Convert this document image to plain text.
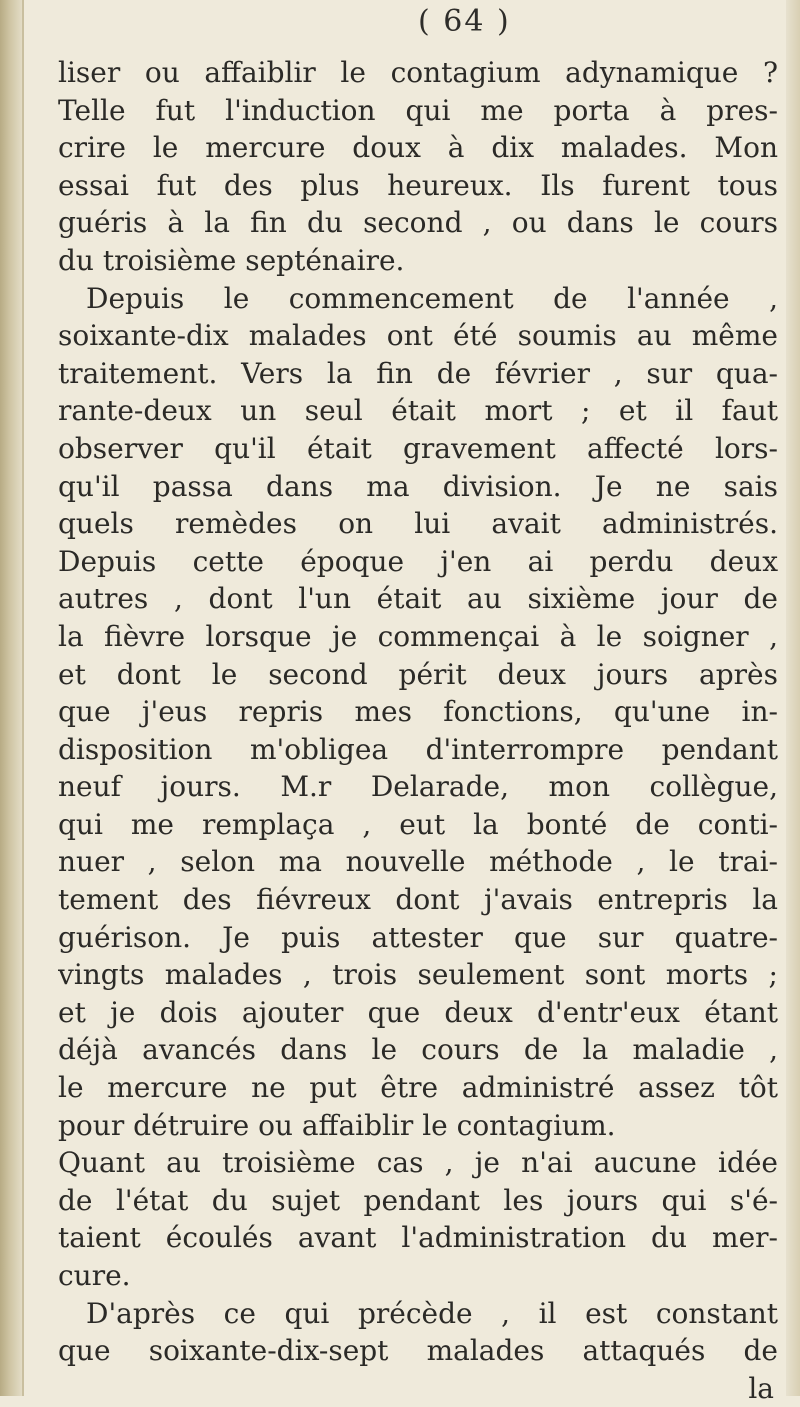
( 64 )
liser ou affaiblir le contagium adynamique ?
Telle fut l'induction qui me porta à pres-
crire le mercure doux à dix malades. Mon
essai fut des plus heureux. Ils furent tous
guéris à la fin du second , ou dans le cours
du troisième septénaire.
Depuis le commencement de l'année ,
soixante-dix malades ont été soumis au même
traitement. Vers la fin de février , sur qua-
rante-deux un seul était mort ; et il faut
observer qu'il était gravement affecté lors-
qu'il passa dans ma division. Je ne sais
quels remèdes on lui avait administrés.
Depuis cette époque j'en ai perdu deux
autres , dont l'un était au sixième jour de
la fièvre lorsque je commençai à le soigner ,
et dont le second périt deux jours après
que j'eus repris mes fonctions, qu'une in-
disposition m'obligea d'interrompre pendant
neuf jours. M.r Delarade, mon collègue,
qui me remplaça , eut la bonté de conti-
nuer , selon ma nouvelle méthode , le trai-
tement des fiévreux dont j'avais entrepris la
guérison. Je puis attester que sur quatre-
vingts malades , trois seulement sont morts ;
et je dois ajouter que deux d'entr'eux étant
déjà avancés dans le cours de la maladie ,
le mercure ne put être administré assez tôt
pour détruire ou affaiblir le contagium.
Quant au troisième cas , je n'ai aucune idée
de l'état du sujet pendant les jours qui s'é-
taient écoulés avant l'administration du mer-
cure.
D'après ce qui précède , il est constant
que soixante-dix-sept malades attaqués de
la
